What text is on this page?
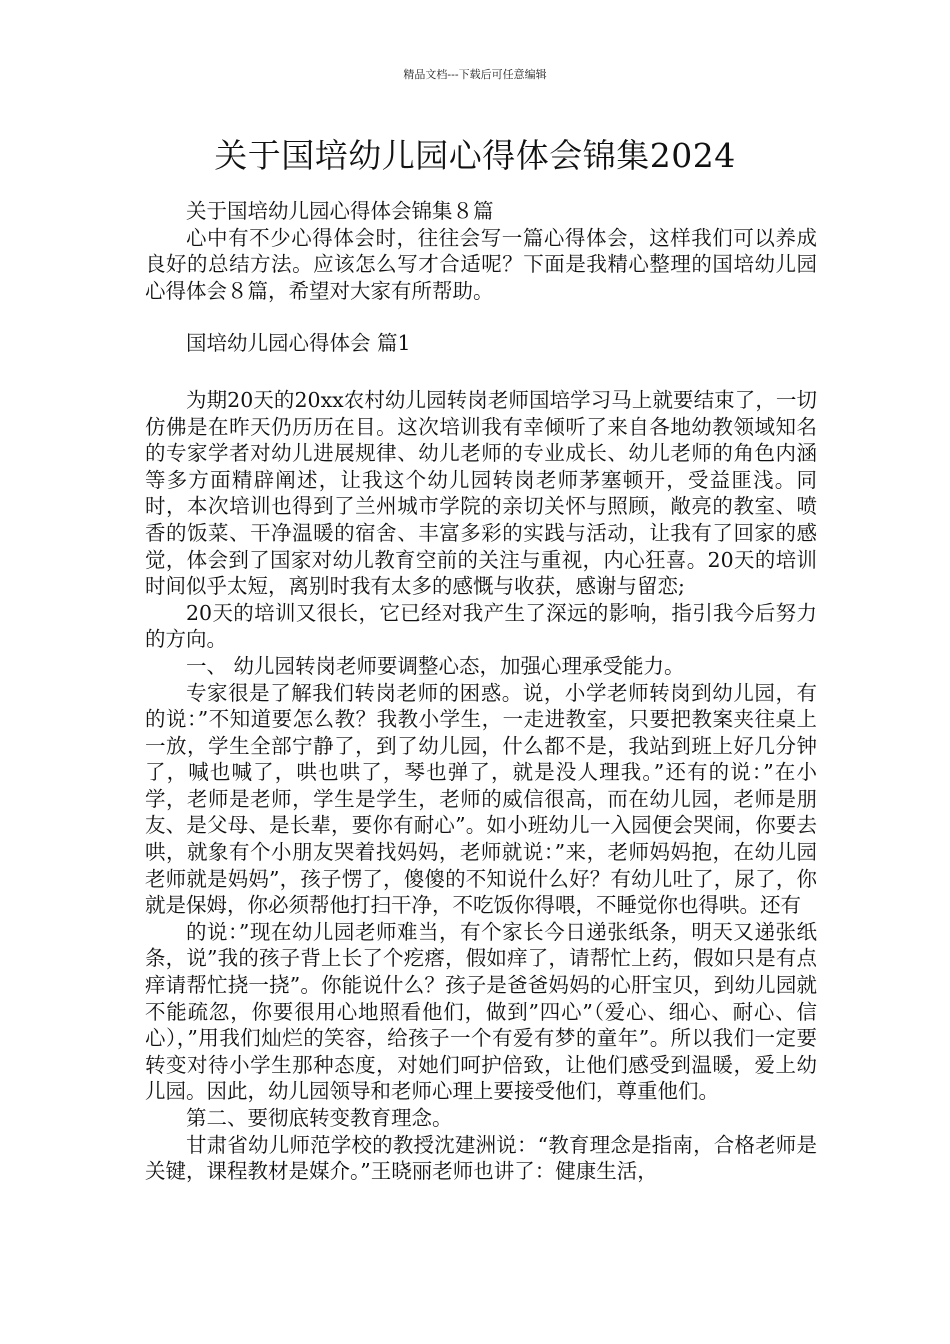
精品文档---下载后可任意编辑
关于国培幼儿园心得体会锦集2024

关于国培幼儿园心得体会锦集８篇

心中有不少心得体会时，往往会写一篇心得体会，这样我们可以养成良好的总结方法。应该怎么写才合适呢？下面是我精心整理的国培幼儿园心得体会８篇，希望对大家有所帮助。

国培幼儿园心得体会 篇1

为期20天的20xx农村幼儿园转岗老师国培学习马上就要结束了，一切仿佛是在昨天仍历历在目。这次培训我有幸倾听了来自各地幼教领域知名的专家学者对幼儿进展规律、幼儿老师的专业成长、幼儿老师的角色内涵等多方面精辟阐述，让我这个幼儿园转岗老师茅塞顿开，受益匪浅。同时，本次培训也得到了兰州城市学院的亲切关怀与照顾，敞亮的教室、喷香的饭菜、干净温暖的宿舍、丰富多彩的实践与活动，让我有了回家的感觉，体会到了国家对幼儿教育空前的关注与重视，内心狂喜。20天的培训时间似乎太短，离别时我有太多的感慨与收获，感谢与留恋;

20天的培训又很长，它已经对我产生了深远的影响，指引我今后努力的方向。

一、 幼儿园转岗老师要调整心态，加强心理承受能力。

专家很是了解我们转岗老师的困惑。说，小学老师转岗到幼儿园，有的说：”不知道要怎么教？我教小学生，一走进教室，只要把教案夹往桌上一放，学生全部宁静了，到了幼儿园，什么都不是，我站到班上好几分钟了，喊也喊了，哄也哄了，琴也弹了，就是没人理我。”还有的说：”在小学，老师是老师，学生是学生，老师的威信很高，而在幼儿园，老师是朋友、是父母、是长辈，要你有耐心”。如小班幼儿一入园便会哭闹，你要去哄，就象有个小朋友哭着找妈妈，老师就说：”来，老师妈妈抱，在幼儿园老师就是妈妈”，孩子愣了，傻傻的不知说什么好？有幼儿吐了，尿了，你就是保姆，你必须帮他打扫干净，不吃饭你得喂，不睡觉你也得哄。还有

的说：”现在幼儿园老师难当，有个家长今日递张纸条，明天又递张纸条，说”我的孩子背上长了个疙瘩，假如痒了，请帮忙上药，假如只是有点痒请帮忙挠一挠”。你能说什么？孩子是爸爸妈妈的心肝宝贝，到幼儿园就不能疏忽，你要很用心地照看他们，做到”四心”（爱心、细心、耐心、信心），”用我们灿烂的笑容，给孩子一个有爱有梦的童年”。所以我们一定要转变对待小学生那种态度，对她们呵护倍致，让他们感受到温暖，爱上幼儿园。因此，幼儿园领导和老师心理上要接受他们，尊重他们。

第二、要彻底转变教育理念。

甘肃省幼儿师范学校的教授沈建洲说：“教育理念是指南，合格老师是关键，课程教材是媒介。”王晓丽老师也讲了：健康生活，
